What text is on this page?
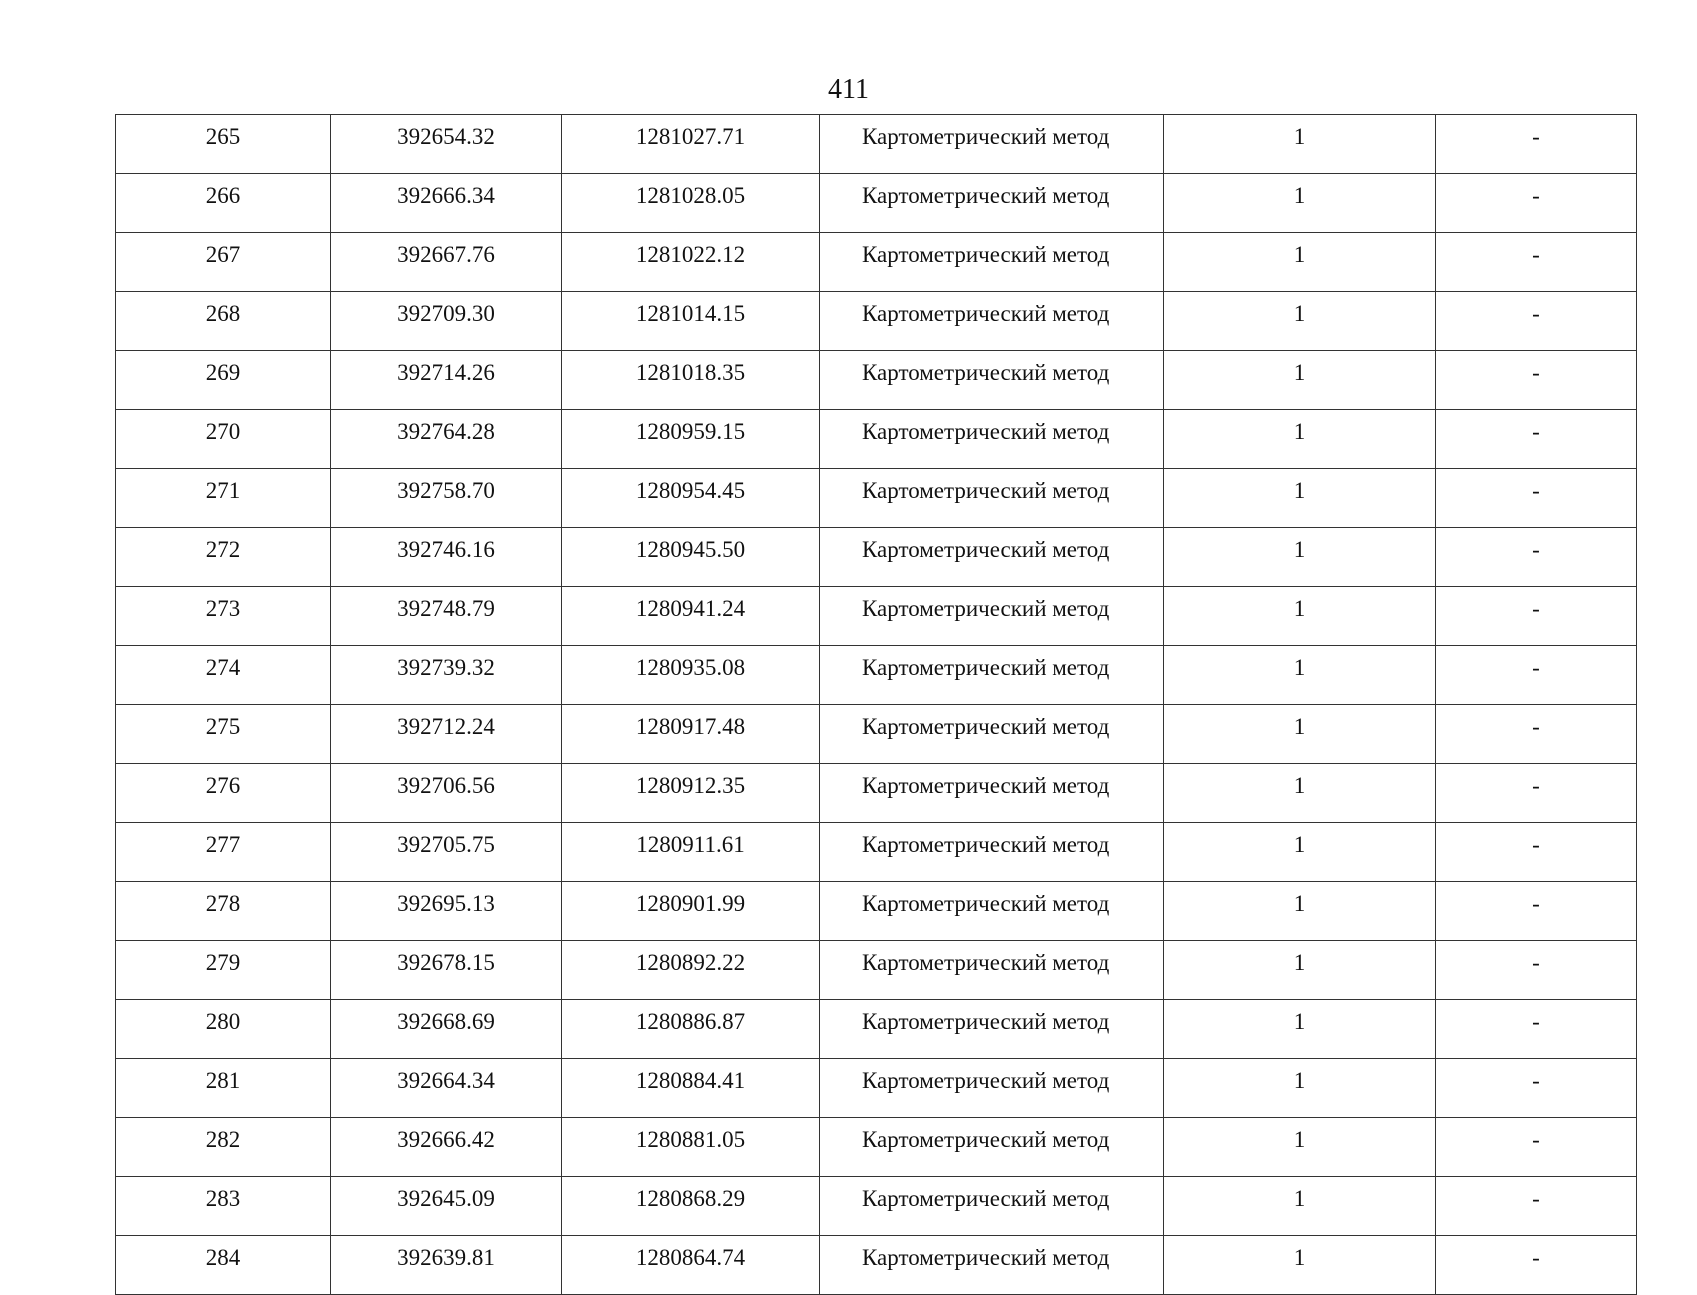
411
265	392654.32	1281027.71	Картометрический метод	1	-
266	392666.34	1281028.05	Картометрический метод	1	-
267	392667.76	1281022.12	Картометрический метод	1	-
268	392709.30	1281014.15	Картометрический метод	1	-
269	392714.26	1281018.35	Картометрический метод	1	-
270	392764.28	1280959.15	Картометрический метод	1	-
271	392758.70	1280954.45	Картометрический метод	1	-
272	392746.16	1280945.50	Картометрический метод	1	-
273	392748.79	1280941.24	Картометрический метод	1	-
274	392739.32	1280935.08	Картометрический метод	1	-
275	392712.24	1280917.48	Картометрический метод	1	-
276	392706.56	1280912.35	Картометрический метод	1	-
277	392705.75	1280911.61	Картометрический метод	1	-
278	392695.13	1280901.99	Картометрический метод	1	-
279	392678.15	1280892.22	Картометрический метод	1	-
280	392668.69	1280886.87	Картометрический метод	1	-
281	392664.34	1280884.41	Картометрический метод	1	-
282	392666.42	1280881.05	Картометрический метод	1	-
283	392645.09	1280868.29	Картометрический метод	1	-
284	392639.81	1280864.74	Картометрический метод	1	-
